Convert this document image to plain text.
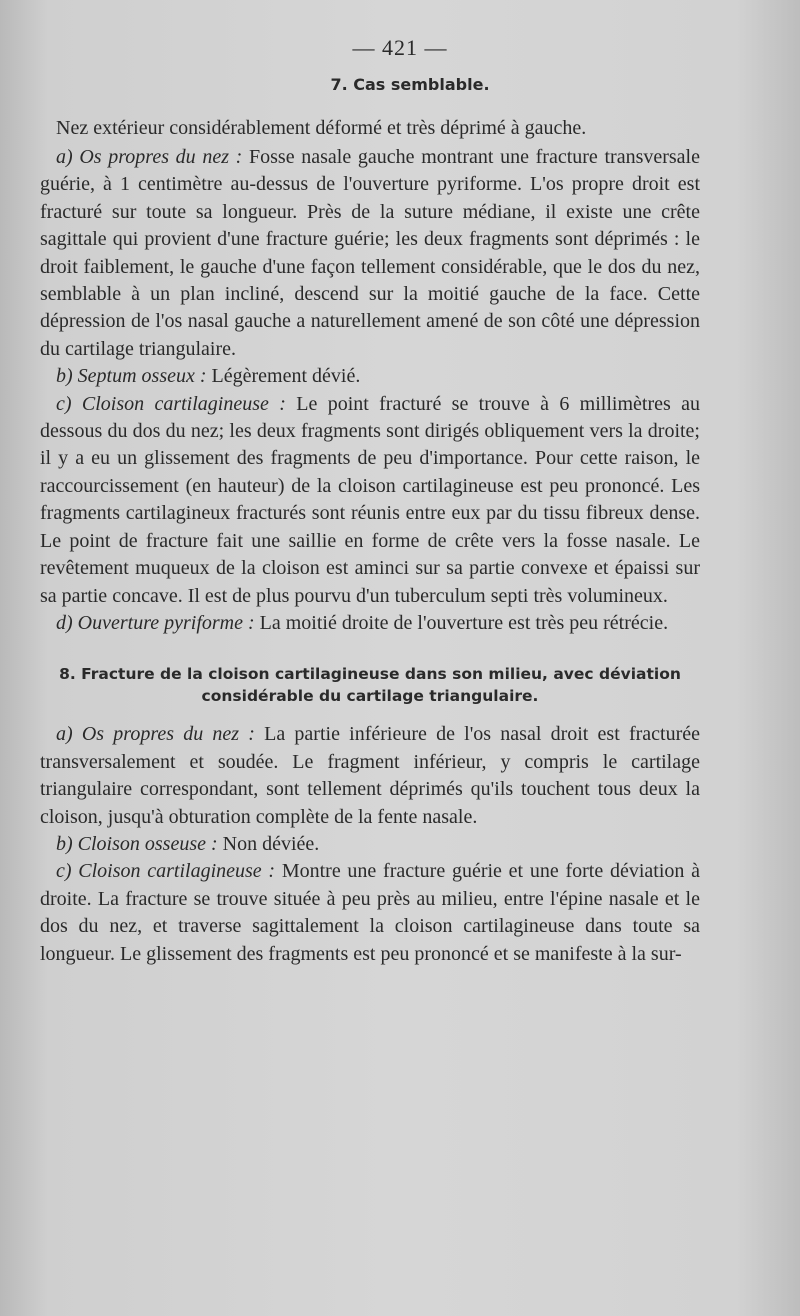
— 421 —
7. Cas semblable.

Nez extérieur considérablement déformé et très déprimé à gauche.

a) Os propres du nez : Fosse nasale gauche montrant une fracture transversale guérie, à 1 centimètre au-dessus de l'ouverture pyriforme. L'os propre droit est fracturé sur toute sa longueur. Près de la suture médiane, il existe une crête sagittale qui provient d'une fracture guérie; les deux fragments sont déprimés : le droit faiblement, le gauche d'une façon tellement considérable, que le dos du nez, semblable à un plan incliné, descend sur la moitié gauche de la face. Cette dépression de l'os nasal gauche a naturellement amené de son côté une dépression du cartilage triangulaire.

b) Septum osseux : Légèrement dévié.

c) Cloison cartilagineuse : Le point fracturé se trouve à 6 millimètres au dessous du dos du nez; les deux fragments sont dirigés obliquement vers la droite; il y a eu un glissement des fragments de peu d'importance. Pour cette raison, le raccourcissement (en hauteur) de la cloison cartilagineuse est peu prononcé. Les fragments cartilagineux fracturés sont réunis entre eux par du tissu fibreux dense. Le point de fracture fait une saillie en forme de crête vers la fosse nasale. Le revêtement muqueux de la cloison est aminci sur sa partie convexe et épaissi sur sa partie concave. Il est de plus pourvu d'un tuberculum septi très volumineux.

d) Ouverture pyriforme : La moitié droite de l'ouverture est très peu rétrécie.

8. Fracture de la cloison cartilagineuse dans son milieu, avec déviation considérable du cartilage triangulaire.

a) Os propres du nez : La partie inférieure de l'os nasal droit est fracturée transversalement et soudée. Le fragment inférieur, y compris le cartilage triangulaire correspondant, sont tellement déprimés qu'ils touchent tous deux la cloison, jusqu'à obturation complète de la fente nasale.

b) Cloison osseuse : Non déviée.

c) Cloison cartilagineuse : Montre une fracture guérie et une forte déviation à droite. La fracture se trouve située à peu près au milieu, entre l'épine nasale et le dos du nez, et traverse sagittalement la cloison cartilagineuse dans toute sa longueur. Le glissement des fragments est peu prononcé et se manifeste à la sur-
